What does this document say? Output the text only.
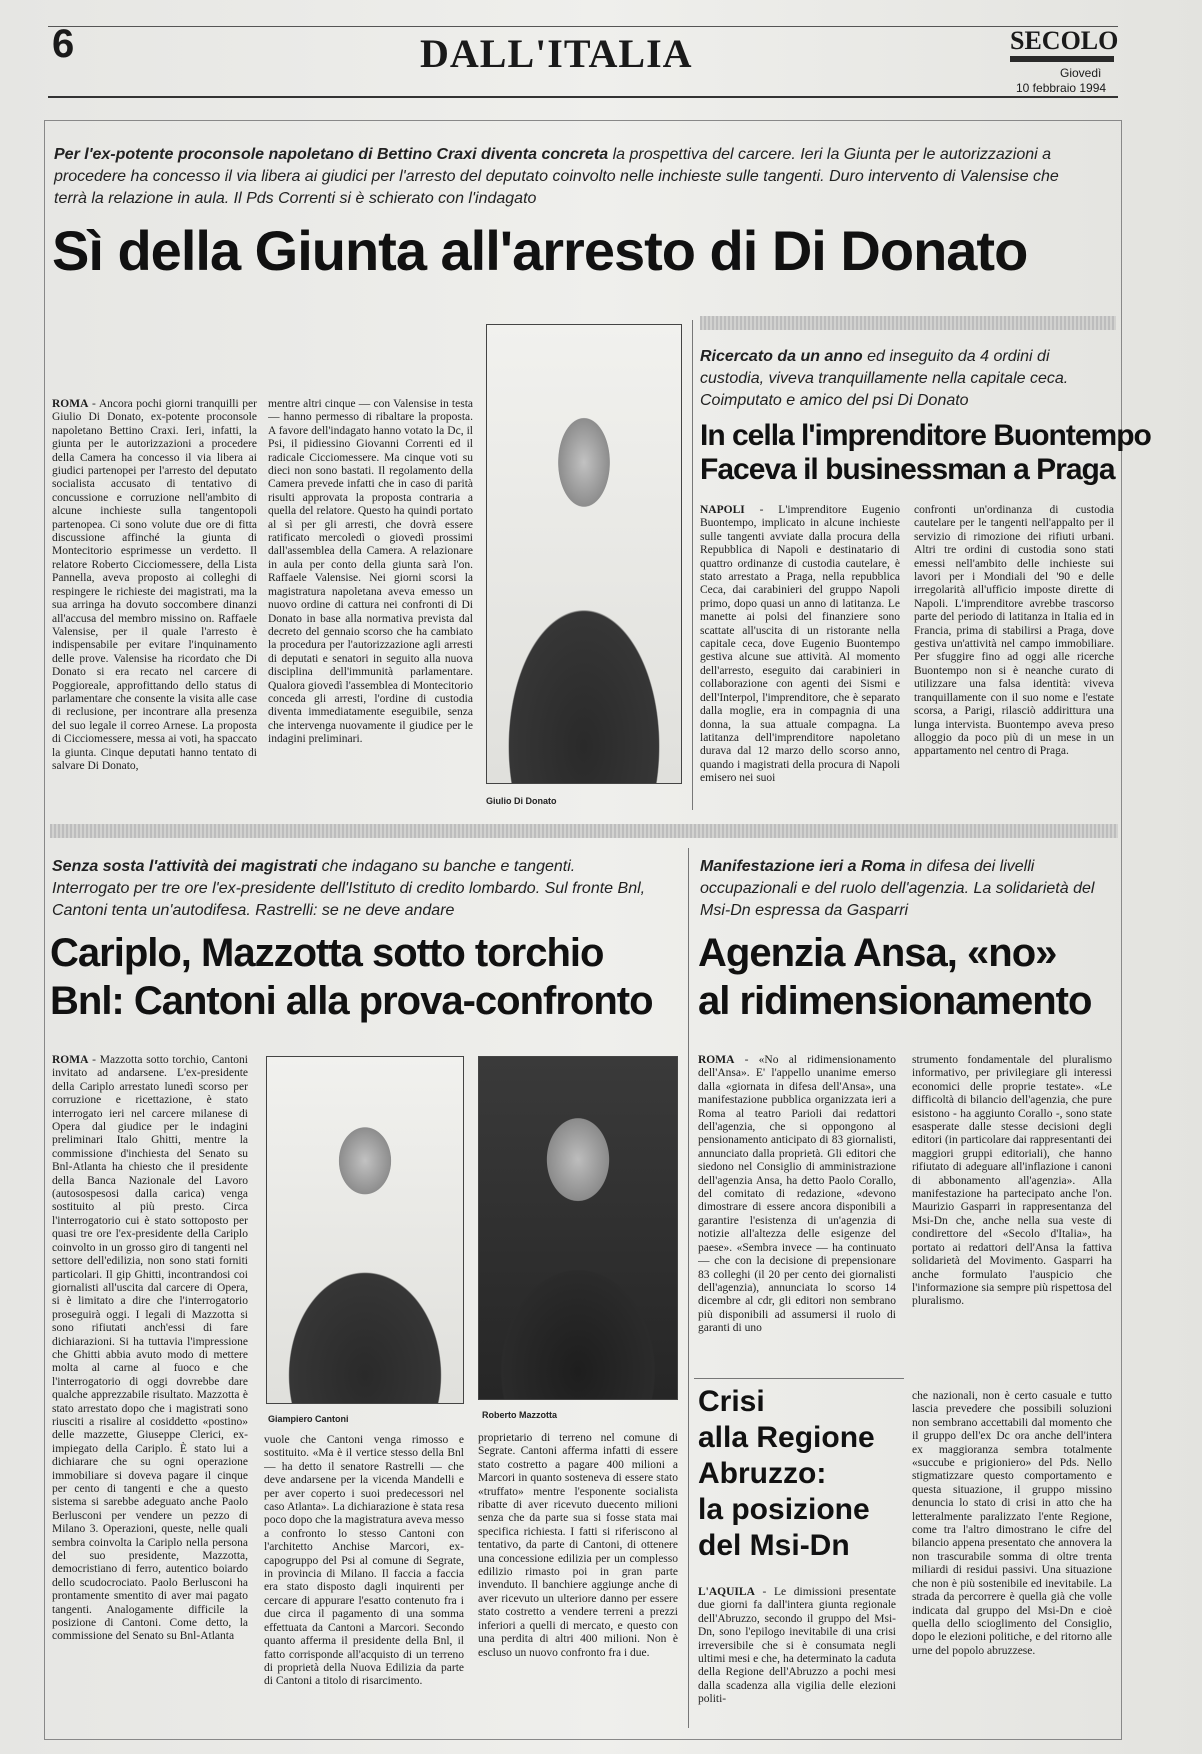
6	DALL'ITALIA	SECOLO
Giovedì
10 febbraio 1994
Per l'ex-potente proconsole napoletano di Bettino Craxi diventa concreta la prospettiva del carcere. Ieri la Giunta per le autorizzazioni a procedere ha concesso il via libera ai giudici per l'arresto del deputato coinvolto nelle inchieste sulle tangenti. Duro intervento di Valensise che terrà la relazione in aula. Il Pds Correnti si è schierato con l'indagato
Sì della Giunta all'arresto di Di Donato
ROMA - Ancora pochi giorni tranquilli per Giulio Di Donato, ex-potente proconsole napoletano Bettino Craxi. Ieri, infatti, la giunta per le autorizzazioni a procedere della Camera ha concesso il via libera ai giudici partenopei per l'arresto del deputato socialista accusato di tentativo di concussione e corruzione nell'ambito di alcune inchieste sulla tangentopoli partenopea. Ci sono volute due ore di fitta discussione affinché la giunta di Montecitorio esprimesse un verdetto. Il relatore Roberto Cicciomessere, della Lista Pannella, aveva proposto ai colleghi di respingere le richieste dei magistrati, ma la sua arringa ha dovuto soccombere dinanzi all'accusa del membro missino on. Raffaele Valensise, per il quale l'arresto è indispensabile per evitare l'inquinamento delle prove. Valensise ha ricordato che Di Donato si era recato nel carcere di Poggioreale, approfittando dello status di parlamentare che consente la visita alle case di reclusione, per incontrare alla presenza del suo legale il correo Arnese. La proposta di Cicciomessere, messa ai voti, ha spaccato la giunta. Cinque deputati hanno tentato di salvare Di Donato,
mentre altri cinque — con Valensise in testa — hanno permesso di ribaltare la proposta. A favore dell'indagato hanno votato la Dc, il Psi, il pidiessino Giovanni Correnti ed il radicale Cicciomessere. Ma cinque voti su dieci non sono bastati. Il regolamento della Camera prevede infatti che in caso di parità risulti approvata la proposta contraria a quella del relatore. Questo ha quindi portato al sì per gli arresti, che dovrà essere ratificato mercoledì o giovedì prossimi dall'assemblea della Camera. A relazionare in aula per conto della giunta sarà l'on. Raffaele Valensise. Nei giorni scorsi la magistratura napoletana aveva emesso un nuovo ordine di cattura nei confronti di Di Donato in base alla normativa prevista dal decreto del gennaio scorso che ha cambiato la procedura per l'autorizzazione agli arresti di deputati e senatori in seguito alla nuova disciplina dell'immunità parlamentare. Qualora giovedì l'assemblea di Montecitorio conceda gli arresti, l'ordine di custodia diventa immediatamente eseguibile, senza che intervenga nuovamente il giudice per le indagini preliminari.
Giulio Di Donato
Ricercato da un anno ed inseguito da 4 ordini di custodia, viveva tranquillamente nella capitale ceca. Coimputato e amico del psi Di Donato
In cella l'imprenditore Buontempo
Faceva il businessman a Praga
NAPOLI - L'imprenditore Eugenio Buontempo, implicato in alcune inchieste sulle tangenti avviate dalla procura della Repubblica di Napoli e destinatario di quattro ordinanze di custodia cautelare, è stato arrestato a Praga, nella repubblica Ceca, dai carabinieri del gruppo Napoli primo, dopo quasi un anno di latitanza. Le manette ai polsi del finanziere sono scattate all'uscita di un ristorante nella capitale ceca, dove Eugenio Buontempo gestiva alcune sue attività. Al momento dell'arresto, eseguito dai carabinieri in collaborazione con agenti dei Sismi e dell'Interpol, l'imprenditore, che è separato dalla moglie, era in compagnia di una donna, la sua attuale compagna. La latitanza dell'imprenditore napoletano durava dal 12 marzo dello scorso anno, quando i magistrati della procura di Napoli emisero nei suoi
confronti un'ordinanza di custodia cautelare per le tangenti nell'appalto per il servizio di rimozione dei rifiuti urbani. Altri tre ordini di custodia sono stati emessi nell'ambito delle inchieste sui lavori per i Mondiali del '90 e delle irregolarità all'ufficio imposte dirette di Napoli. L'imprenditore avrebbe trascorso parte del periodo di latitanza in Italia ed in Francia, prima di stabilirsi a Praga, dove gestiva un'attività nel campo immobiliare. Per sfuggire fino ad oggi alle ricerche Buontempo non si è neanche curato di utilizzare una falsa identità: viveva tranquillamente con il suo nome e l'estate scorsa, a Parigi, rilasciò addirittura una lunga intervista. Buontempo aveva preso alloggio da poco più di un mese in un appartamento nel centro di Praga.
Senza sosta l'attività dei magistrati che indagano su banche e tangenti. Interrogato per tre ore l'ex-presidente dell'Istituto di credito lombardo. Sul fronte Bnl, Cantoni tenta un'autodifesa. Rastrelli: se ne deve andare
Cariplo, Mazzotta sotto torchio
Bnl: Cantoni alla prova-confronto
ROMA - Mazzotta sotto torchio, Cantoni invitato ad andarsene. L'ex-presidente della Cariplo arrestato lunedì scorso per corruzione e ricettazione, è stato interrogato ieri nel carcere milanese di Opera dal giudice per le indagini preliminari Italo Ghitti, mentre la commissione d'inchiesta del Senato su Bnl-Atlanta ha chiesto che il presidente della Banca Nazionale del Lavoro (autosospesosi dalla carica) venga sostituito al più presto. Circa l'interrogatorio cui è stato sottoposto per quasi tre ore l'ex-presidente della Cariplo coinvolto in un grosso giro di tangenti nel settore dell'edilizia, non sono stati forniti particolari. Il gip Ghitti, incontrandosi coi giornalisti all'uscita dal carcere di Opera, si è limitato a dire che l'interrogatorio proseguirà oggi. I legali di Mazzotta si sono rifiutati anch'essi di fare dichiarazioni. Si ha tuttavia l'impressione che Ghitti abbia avuto modo di mettere molta al carne al fuoco e che l'interrogatorio di oggi dovrebbe dare qualche apprezzabile risultato. Mazzotta è stato arrestato dopo che i magistrati sono riusciti a risalire al cosiddetto «postino» delle mazzette, Giuseppe Clerici, ex-impiegato della Cariplo. È stato lui a dichiarare che su ogni operazione immobiliare si doveva pagare il cinque per cento di tangenti e che a questo sistema si sarebbe adeguato anche Paolo Berlusconi per vendere un pezzo di Milano 3. Operazioni, queste, nelle quali sembra coinvolta la Cariplo nella persona del suo presidente, Mazzotta, democristiano di ferro, autentico boiardo dello scudocrociato. Paolo Berlusconi ha prontamente smentito di aver mai pagato tangenti. Analogamente difficile la posizione di Cantoni. Come detto, la commissione del Senato su Bnl-Atlanta
Giampiero Cantoni	Roberto Mazzotta
vuole che Cantoni venga rimosso e sostituito. «Ma è il vertice stesso della Bnl — ha detto il senatore Rastrelli — che deve andarsene per la vicenda Mandelli e per aver coperto i suoi predecessori nel caso Atlanta». La dichiarazione è stata resa poco dopo che la magistratura aveva messo a confronto lo stesso Cantoni con l'architetto Anchise Marcori, ex-capogruppo del Psi al comune di Segrate, in provincia di Milano. Il faccia a faccia era stato disposto dagli inquirenti per cercare di appurare l'esatto contenuto fra i due circa il pagamento di una somma effettuata da Cantoni a Marcori. Secondo quanto afferma il presidente della Bnl, il fatto corrisponde all'acquisto di un terreno di proprietà della Nuova Edilizia da parte di Cantoni a titolo di risarcimento.
proprietario di terreno nel comune di Segrate. Cantoni afferma infatti di essere stato costretto a pagare 400 milioni a Marcori in quanto sosteneva di essere stato «truffato» mentre l'esponente socialista ribatte di aver ricevuto duecento milioni senza che da parte sua si fosse stata mai specifica richiesta. I fatti si riferiscono al tentativo, da parte di Cantoni, di ottenere una concessione edilizia per un complesso edilizio rimasto poi in gran parte invenduto. Il banchiere aggiunge anche di aver ricevuto un ulteriore danno per essere stato costretto a vendere terreni a prezzi inferiori a quelli di mercato, e questo con una perdita di altri 400 milioni. Non è escluso un nuovo confronto fra i due.
Manifestazione ieri a Roma in difesa dei livelli occupazionali e del ruolo dell'agenzia. La solidarietà del Msi-Dn espressa da Gasparri
Agenzia Ansa, «no»
al ridimensionamento
ROMA - «No al ridimensionamento dell'Ansa». E' l'appello unanime emerso dalla «giornata in difesa dell'Ansa», una manifestazione pubblica organizzata ieri a Roma al teatro Parioli dai redattori dell'agenzia, che si oppongono al pensionamento anticipato di 83 giornalisti, annunciato dalla proprietà. Gli editori che siedono nel Consiglio di amministrazione dell'agenzia Ansa, ha detto Paolo Corallo, del comitato di redazione, «devono dimostrare di essere ancora disponibili a garantire l'esistenza di un'agenzia di notizie all'altezza delle esigenze del paese». «Sembra invece — ha continuato — che con la decisione di prepensionare 83 colleghi (il 20 per cento dei giornalisti dell'agenzia), annunciata lo scorso 14 dicembre al cdr, gli editori non sembrano più disponibili ad assumersi il ruolo di garanti di uno
strumento fondamentale del pluralismo informativo, per privilegiare gli interessi economici delle proprie testate». «Le difficoltà di bilancio dell'agenzia, che pure esistono - ha aggiunto Corallo -, sono state esasperate dalle stesse decisioni degli editori (in particolare dai rappresentanti dei maggiori gruppi editoriali), che hanno rifiutato di adeguare all'inflazione i canoni di abbonamento all'agenzia». Alla manifestazione ha partecipato anche l'on. Maurizio Gasparri in rappresentanza del Msi-Dn che, anche nella sua veste di condirettore del «Secolo d'Italia», ha portato ai redattori dell'Ansa la fattiva solidarietà del Movimento. Gasparri ha anche formulato l'auspicio che l'informazione sia sempre più rispettosa del pluralismo.
Crisi
alla Regione
Abruzzo:
la posizione
del Msi-Dn
L'AQUILA - Le dimissioni presentate due giorni fa dall'intera giunta regionale dell'Abruzzo, secondo il gruppo del Msi-Dn, sono l'epilogo inevitabile di una crisi irreversibile che si è consumata negli ultimi mesi e che, ha determinato la caduta della Regione dell'Abruzzo a pochi mesi dalla scadenza alla vigilia delle elezioni politi-
che nazionali, non è certo casuale e tutto lascia prevedere che possibili soluzioni non sembrano accettabili dal momento che il gruppo dell'ex Dc ora anche dell'intera ex maggioranza sembra totalmente «succube e prigioniero» del Pds. Nello stigmatizzare questo comportamento e questa situazione, il gruppo missino denuncia lo stato di crisi in atto che ha letteralmente paralizzato l'ente Regione, come tra l'altro dimostrano le cifre del bilancio appena presentato che annovera la non trascurabile somma di oltre trenta miliardi di residui passivi. Una situazione che non è più sostenibile ed inevitabile. La strada da percorrere è quella già che volle indicata dal gruppo del Msi-Dn e cioè quella dello scioglimento del Consiglio, dopo le elezioni politiche, e del ritorno alle urne del popolo abruzzese.
